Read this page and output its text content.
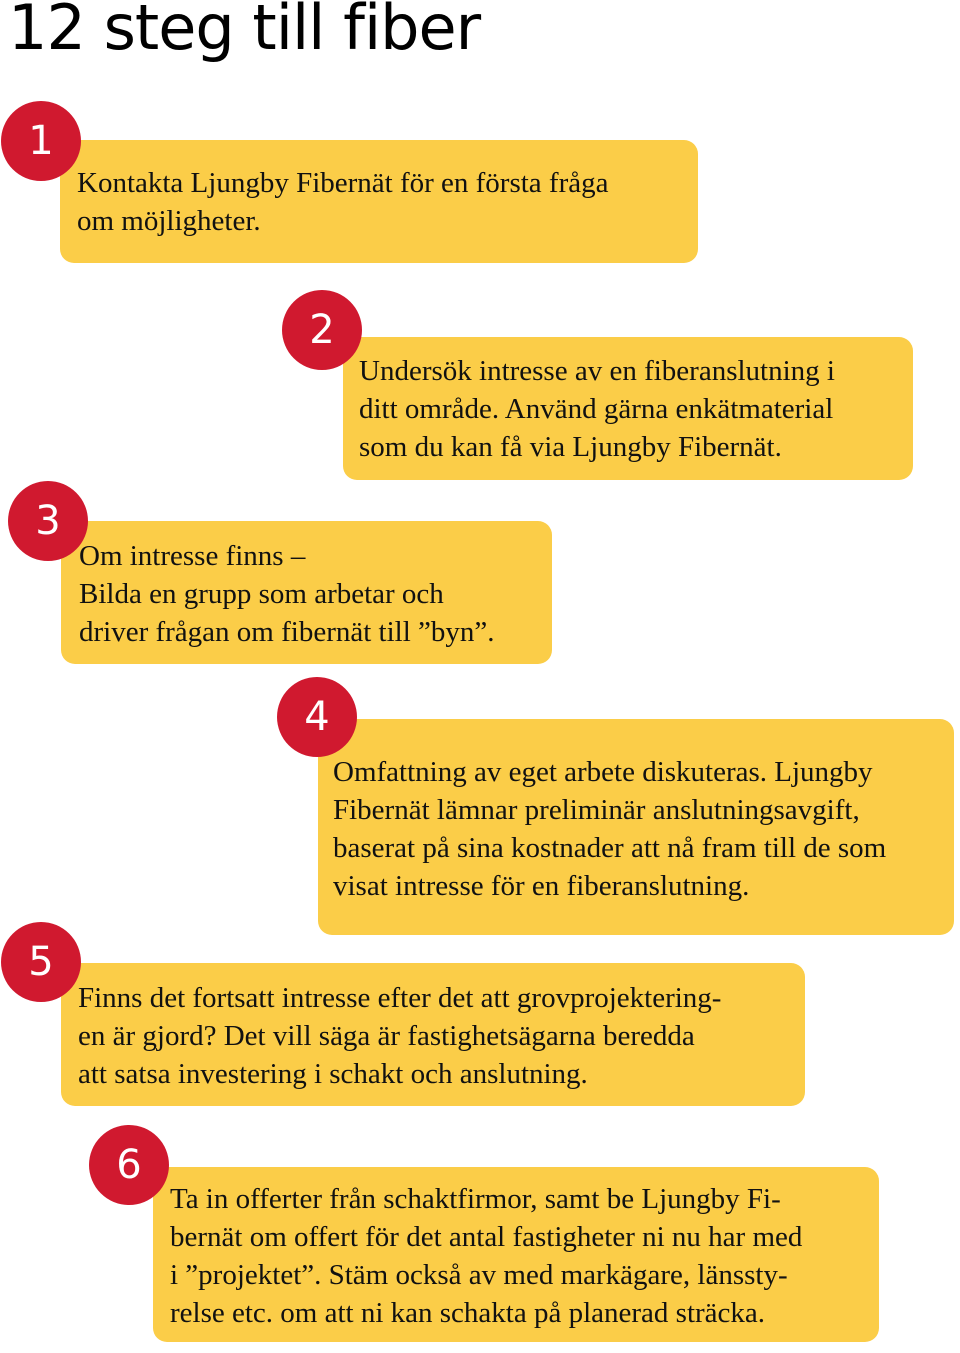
12 steg till fiber
Kontakta Ljungby Fibernät för en första fråga
om möjligheter.
1
Undersök intresse av en fiberanslutning i
ditt område. Använd gärna enkätmaterial
som du kan få via Ljungby Fibernät.
2
Om intresse finns –
Bilda en grupp som arbetar och
driver frågan om fibernät till ”byn”.
3
Omfattning av eget arbete diskuteras. Ljungby
Fibernät lämnar preliminär anslutningsavgift,
baserat på sina kostnader att nå fram till de som
visat intresse för en fiberanslutning.
4
Finns det fortsatt intresse efter det att grovprojektering-
en är gjord? Det vill säga är fastighetsägarna beredda
att satsa investering i schakt och anslutning.
5
Ta in offerter från schaktfirmor, samt be Ljungby Fi-
bernät om offert för det antal fastigheter ni nu har med
i ”projektet”. Stäm också av med markägare, länssty-
relse etc. om att ni kan schakta på planerad sträcka.
6
